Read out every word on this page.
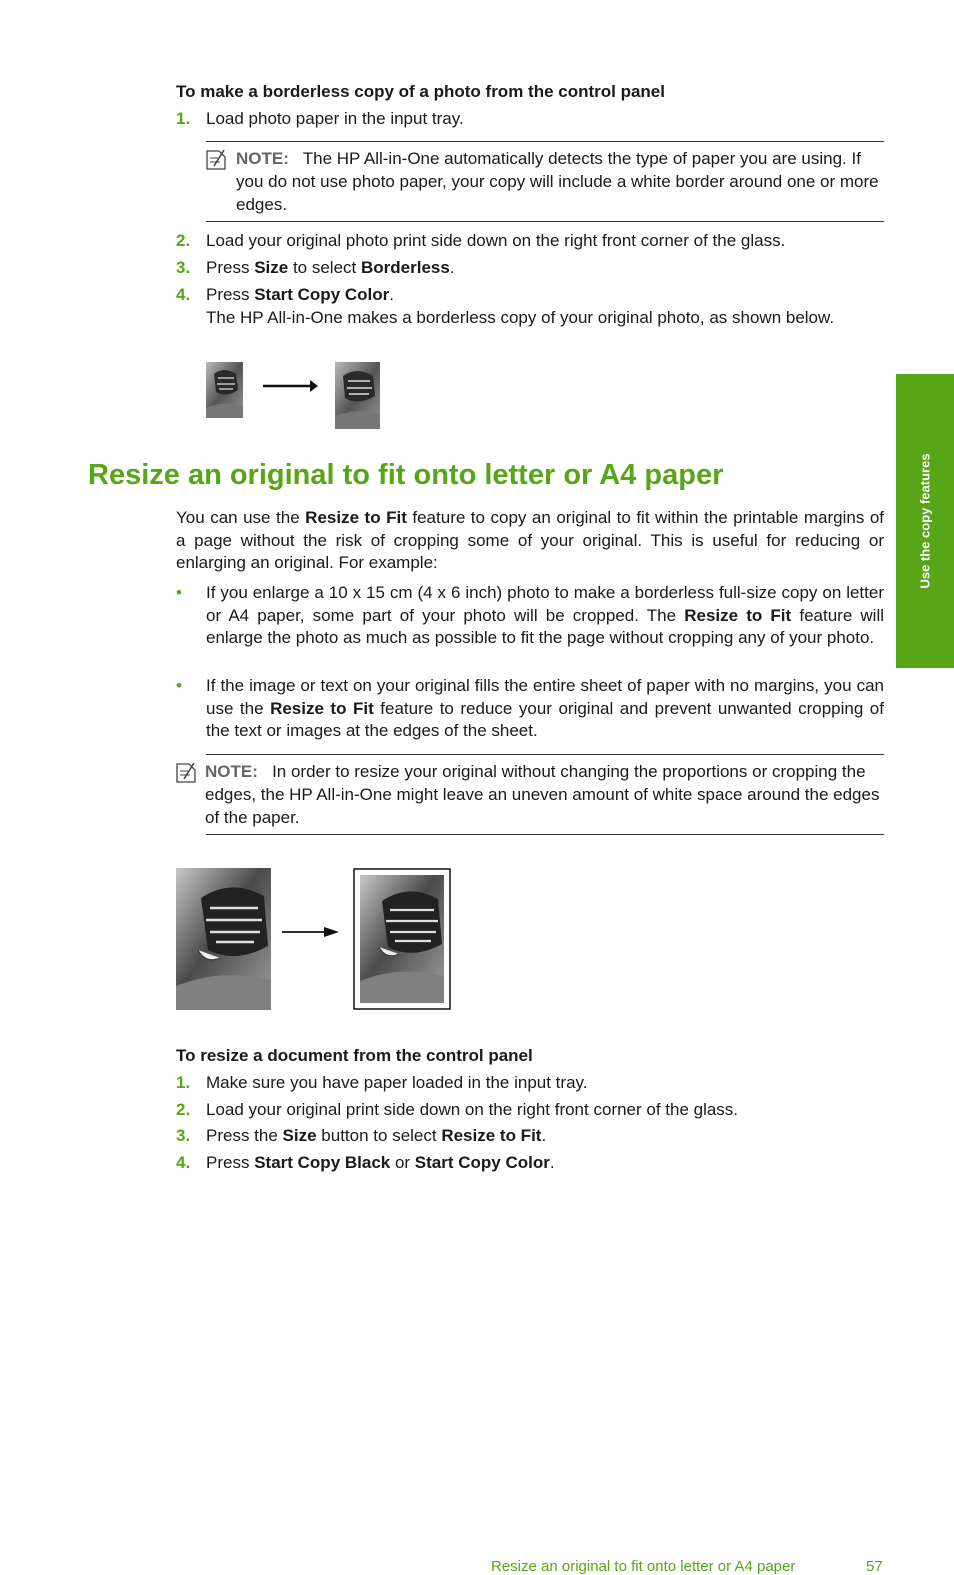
To make a borderless copy of a photo from the control panel
1. Load photo paper in the input tray.
NOTE: The HP All-in-One automatically detects the type of paper you are using. If you do not use photo paper, your copy will include a white border around one or more edges.
2. Load your original photo print side down on the right front corner of the glass.
3. Press Size to select Borderless.
4. Press Start Copy Color.
The HP All-in-One makes a borderless copy of your original photo, as shown below.
Resize an original to fit onto letter or A4 paper
You can use the Resize to Fit feature to copy an original to fit within the printable margins of a page without the risk of cropping some of your original. This is useful for reducing or enlarging an original. For example:
• If you enlarge a 10 x 15 cm (4 x 6 inch) photo to make a borderless full-size copy on letter or A4 paper, some part of your photo will be cropped. The Resize to Fit feature will enlarge the photo as much as possible to fit the page without cropping any of your photo.
• If the image or text on your original fills the entire sheet of paper with no margins, you can use the Resize to Fit feature to reduce your original and prevent unwanted cropping of the text or images at the edges of the sheet.
NOTE: In order to resize your original without changing the proportions or cropping the edges, the HP All-in-One might leave an uneven amount of white space around the edges of the paper.
To resize a document from the control panel
1. Make sure you have paper loaded in the input tray.
2. Load your original print side down on the right front corner of the glass.
3. Press the Size button to select Resize to Fit.
4. Press Start Copy Black or Start Copy Color.
Use the copy features
Resize an original to fit onto letter or A4 paper	57
